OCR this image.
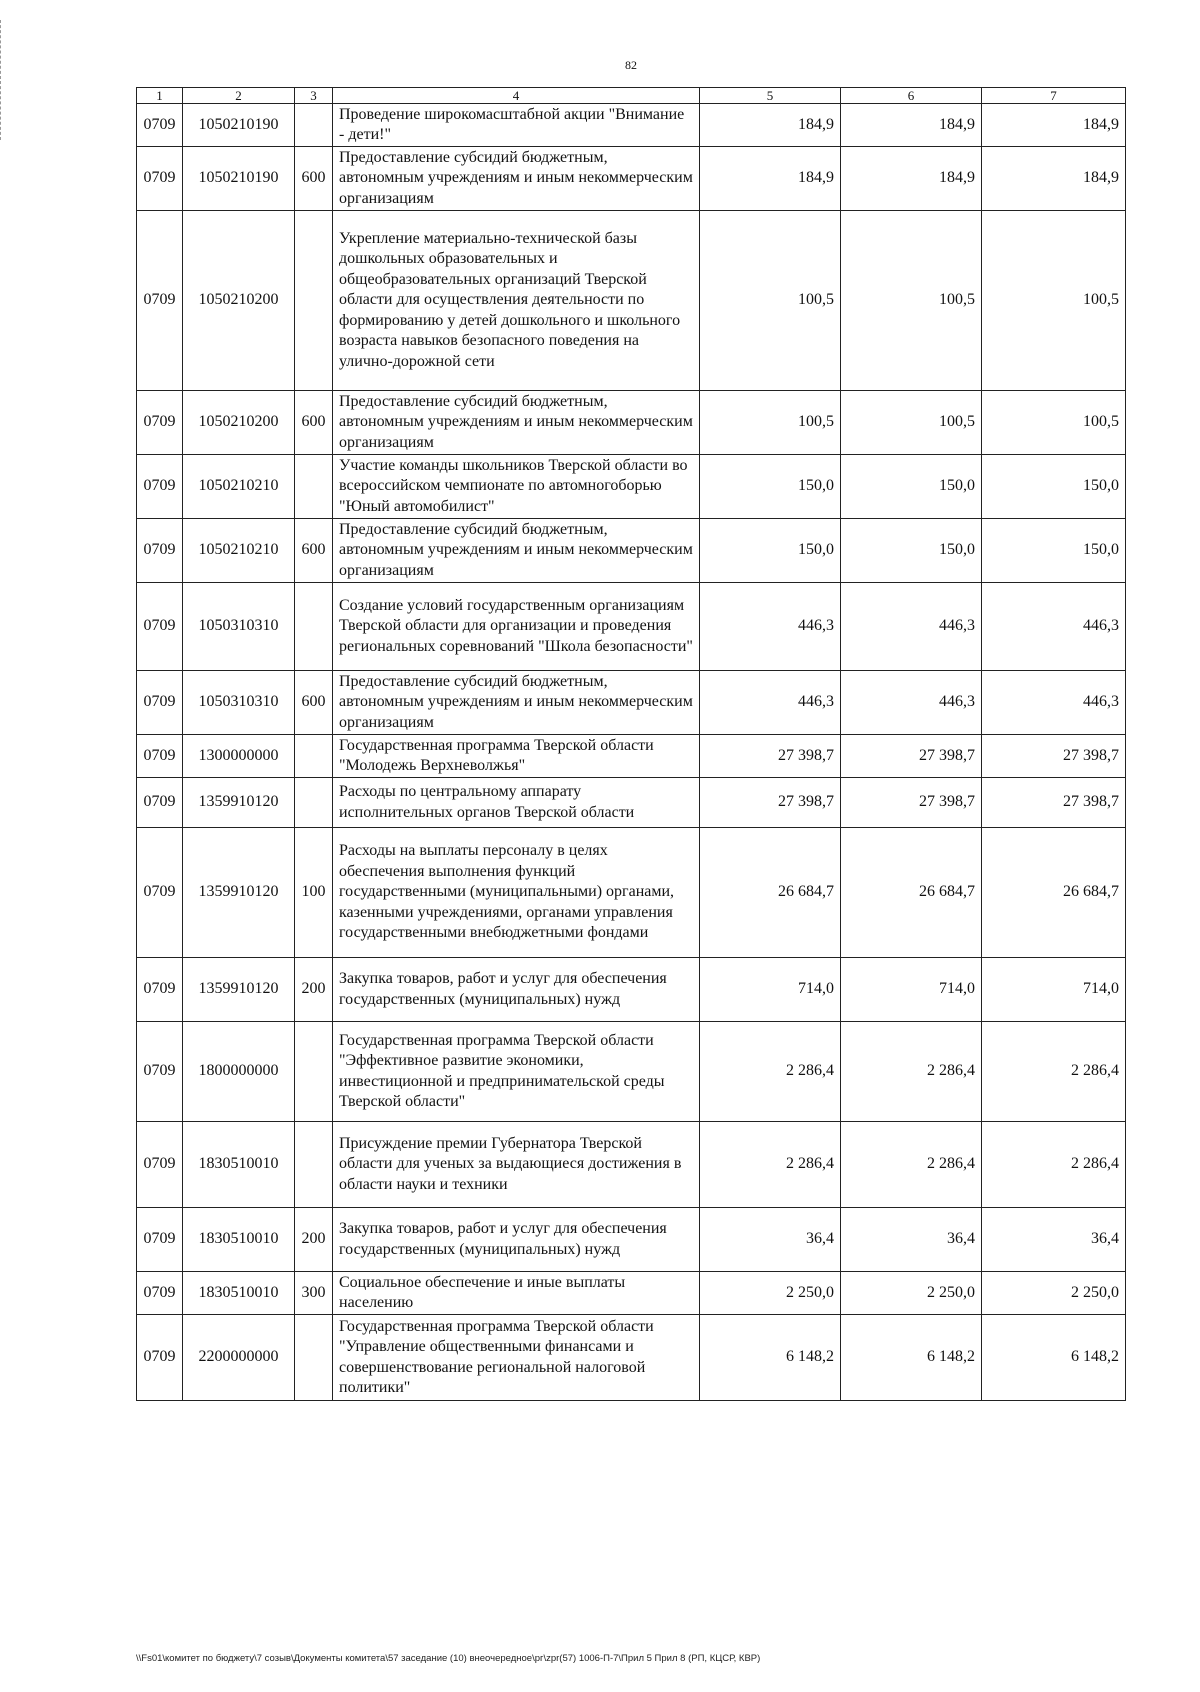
82
1	2	3	4	5	6	7
0709	1050210190		Проведение широкомасштабной акции "Внимание - дети!"	184,9	184,9	184,9
0709	1050210190	600	Предоставление субсидий бюджетным, автономным учреждениям и иным некоммерческим организациям	184,9	184,9	184,9
0709	1050210200		Укрепление материально-технической базы дошкольных образовательных и общеобразовательных организаций Тверской области для осуществления деятельности по формированию у детей дошкольного и школьного возраста навыков безопасного поведения на улично-дорожной сети	100,5	100,5	100,5
0709	1050210200	600	Предоставление субсидий бюджетным, автономным учреждениям и иным некоммерческим организациям	100,5	100,5	100,5
0709	1050210210		Участие команды школьников Тверской области во всероссийском чемпионате по автомногоборью "Юный автомобилист"	150,0	150,0	150,0
0709	1050210210	600	Предоставление субсидий бюджетным, автономным учреждениям и иным некоммерческим организациям	150,0	150,0	150,0
0709	1050310310		Создание условий государственным организациям Тверской области для организации и проведения региональных соревнований "Школа безопасности"	446,3	446,3	446,3
0709	1050310310	600	Предоставление субсидий бюджетным, автономным учреждениям и иным некоммерческим организациям	446,3	446,3	446,3
0709	1300000000		Государственная программа Тверской области "Молодежь Верхневолжья"	27 398,7	27 398,7	27 398,7
0709	1359910120		Расходы по центральному аппарату исполнительных органов Тверской области	27 398,7	27 398,7	27 398,7
0709	1359910120	100	Расходы на выплаты персоналу в целях обеспечения выполнения функций государственными (муниципальными) органами, казенными учреждениями, органами управления государственными внебюджетными фондами	26 684,7	26 684,7	26 684,7
0709	1359910120	200	Закупка товаров, работ и услуг для обеспечения государственных (муниципальных) нужд	714,0	714,0	714,0
0709	1800000000		Государственная программа Тверской области "Эффективное развитие экономики, инвестиционной и предпринимательской среды Тверской области"	2 286,4	2 286,4	2 286,4
0709	1830510010		Присуждение премии Губернатора Тверской области для ученых за выдающиеся достижения в области науки и техники	2 286,4	2 286,4	2 286,4
0709	1830510010	200	Закупка товаров, работ и услуг для обеспечения государственных (муниципальных) нужд	36,4	36,4	36,4
0709	1830510010	300	Социальное обеспечение и иные выплаты населению	2 250,0	2 250,0	2 250,0
0709	2200000000		Государственная программа Тверской области "Управление общественными финансами и совершенствование региональной налоговой политики"	6 148,2	6 148,2	6 148,2
\\Fs01\комитет по бюджету\7 созыв\Документы комитета\57 заседание (10) внеочередное\рг\zpr(57) 1006-П-7\Прил 5 Прил 8 (РП, КЦСР, КВР)
